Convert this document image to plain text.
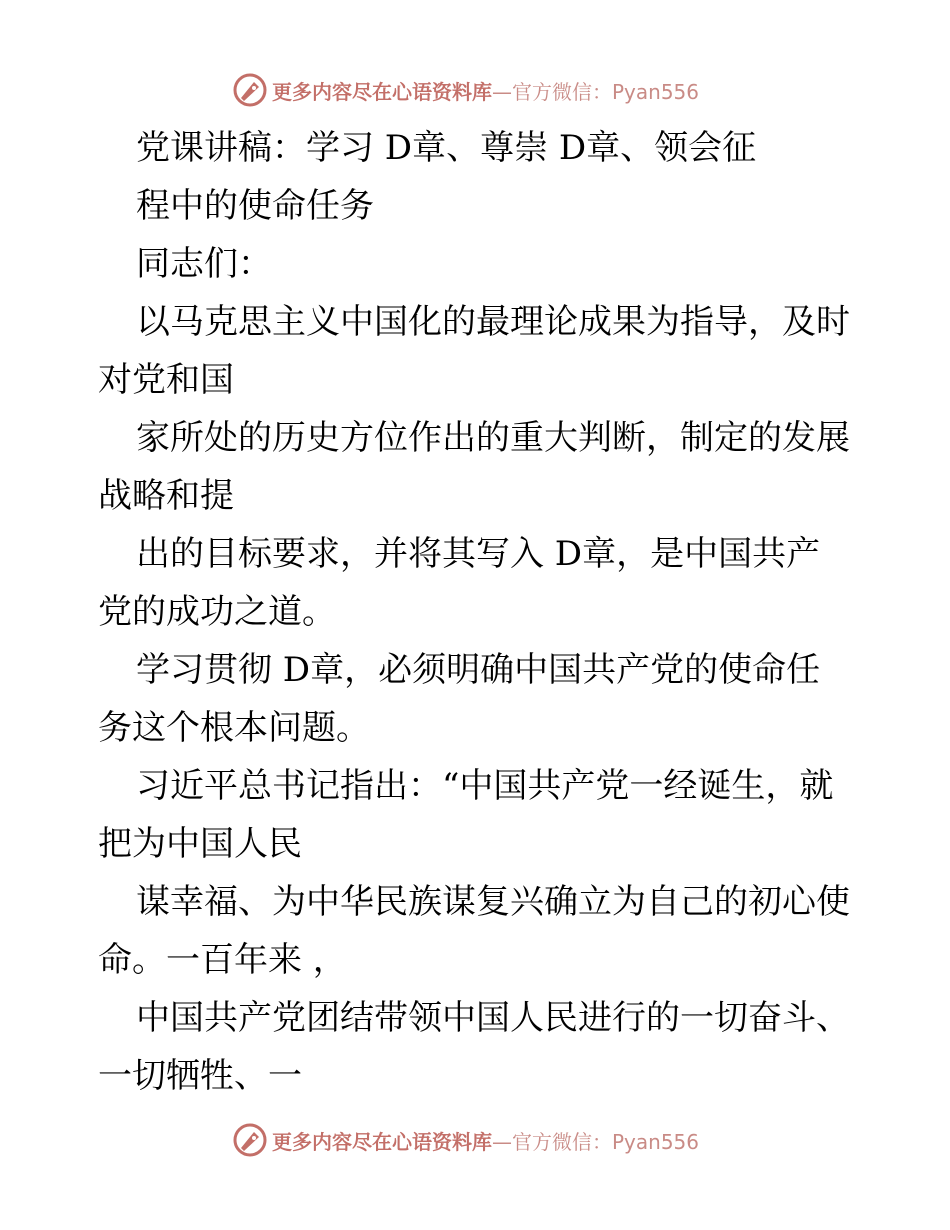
更多内容尽在心语资料库—官方微信：Pyan556
党课讲稿：学习 D章、尊崇 D章、领会征
程中的使命任务
同志们：
以马克思主义中国化的最理论成果为指导，及时
对党和国
家所处的历史方位作出的重大判断，制定的发展
战略和提
出的目标要求，并将其写入 D章，是中国共产
党的成功之道。
学习贯彻 D章，必须明确中国共产党的使命任
务这个根本问题。
习近平总书记指出：“中国共产党一经诞生，就
把为中国人民
谋幸福、为中华民族谋复兴确立为自己的初心使
命。一百年来 ，
中国共产党团结带领中国人民进行的一切奋斗、
一切牺牲、一
更多内容尽在心语资料库—官方微信：Pyan556
